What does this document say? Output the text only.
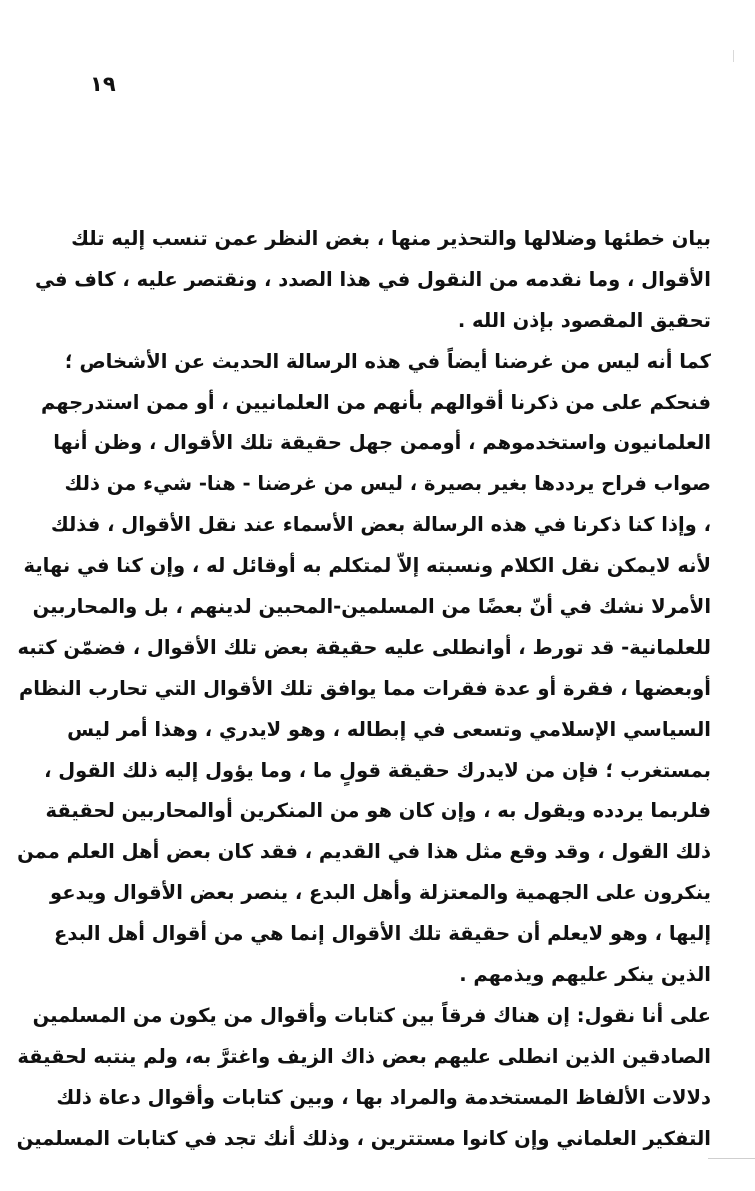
١٩
بيان خطئها وضلالها والتحذير منها ، بغض النظر عمن تنسب إليه تلك
الأقوال ، وما نقدمه من النقول في هذا الصدد ، ونقتصر عليه ، كاف في
تحقيق المقصود بإذن الله .
كما أنه ليس من غرضنا أيضاً في هذه الرسالة الحديث عن الأشخاص ؛
فنحكم على من ذكرنا أقوالهم بأنهم من العلمانيين ، أو ممن استدرجهم
العلمانيون واستخدموهم ، أوممن جهل حقيقة تلك الأقوال ، وظن أنها
صواب فراح يرددها بغير بصيرة ، ليس من غرضنا - هنا- شيء من ذلك
، وإذا كنا ذكرنا في هذه الرسالة بعض الأسماء عند نقل الأقوال ، فذلك
لأنه لايمكن نقل الكلام ونسبته إلاّ لمتكلم به أوقائل له ، وإن كنا في نهاية
الأمرلا نشك في أنّ بعضًا من المسلمين-المحبين لدينهم ، بل والمحاربين
للعلمانية- قد تورط ، أوانطلى عليه حقيقة بعض تلك الأقوال ، فضمّن كتبه
أوبعضها ، فقرة أو عدة فقرات مما يوافق تلك الأقوال التي تحارب النظام
السياسي الإسلامي وتسعى في إبطاله ، وهو لايدري ، وهذا أمر ليس
بمستغرب ؛ فإن من لايدرك حقيقة قولٍ ما ، وما يؤول إليه ذلك القول ،
فلربما يردده ويقول به ، وإن كان هو من المنكرين أوالمحاربين لحقيقة
ذلك القول ، وقد وقع مثل هذا في القديم ، فقد كان بعض أهل العلم ممن
ينكرون على الجهمية والمعتزلة وأهل البدع ، ينصر بعض الأقوال ويدعو
إليها ، وهو لايعلم أن حقيقة تلك الأقوال إنما هي من أقوال أهل البدع
الذين ينكر عليهم ويذمهم .
على أنا نقول: إن هناك فرقاً بين كتابات وأقوال من يكون من المسلمين
الصادقين الذين انطلى عليهم بعض ذاك الزيف واغترَّ به، ولم ينتبه لحقيقة
دلالات الألفاظ المستخدمة والمراد بها ، وبين كتابات وأقوال دعاة ذلك
التفكير العلماني وإن كانوا مستترين ، وذلك أنك تجد في كتابات المسلمين
